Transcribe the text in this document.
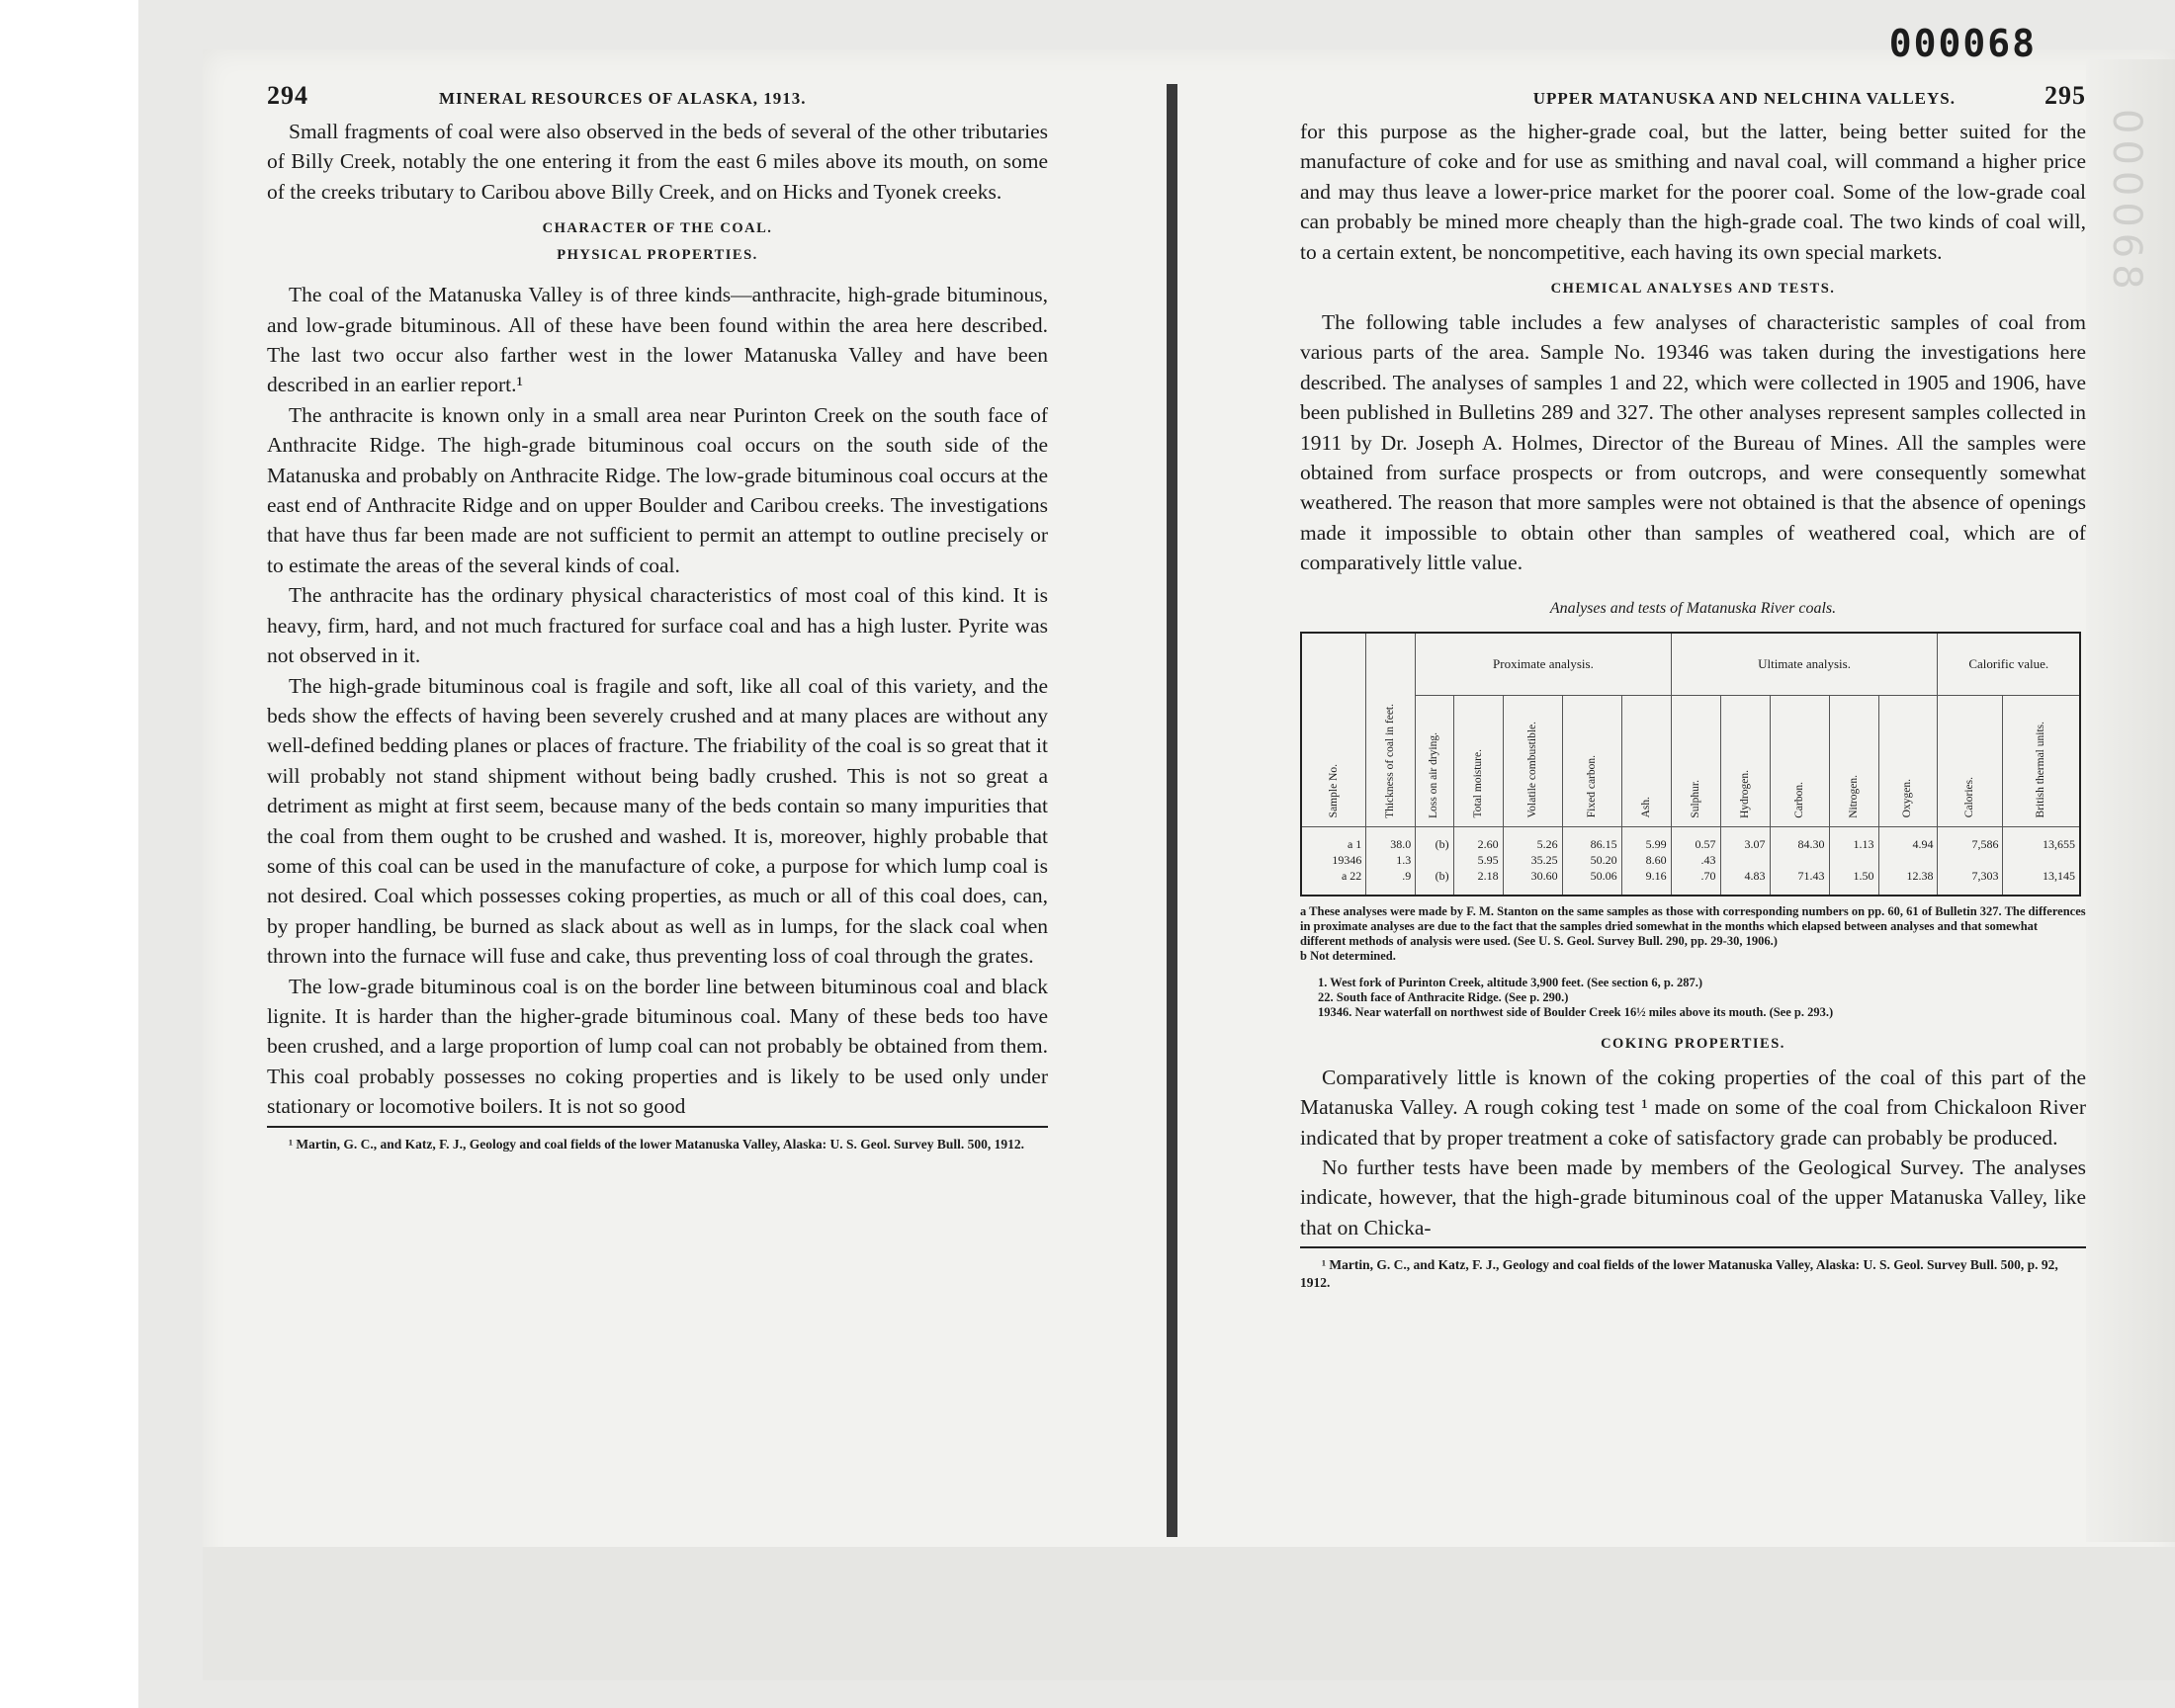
000068
294	MINERAL RESOURCES OF ALASKA, 1913.

Small fragments of coal were also observed in the beds of several of the other tributaries of Billy Creek, notably the one entering it from the east 6 miles above its mouth, on some of the creeks tributary to Caribou above Billy Creek, and on Hicks and Tyonek creeks.

CHARACTER OF THE COAL.
PHYSICAL PROPERTIES.

The coal of the Matanuska Valley is of three kinds—anthracite, high-grade bituminous, and low-grade bituminous. All of these have been found within the area here described. The last two occur also farther west in the lower Matanuska Valley and have been described in an earlier report.¹

The anthracite is known only in a small area near Purinton Creek on the south face of Anthracite Ridge. The high-grade bituminous coal occurs on the south side of the Matanuska and probably on Anthracite Ridge. The low-grade bituminous coal occurs at the east end of Anthracite Ridge and on upper Boulder and Caribou creeks. The investigations that have thus far been made are not sufficient to permit an attempt to outline precisely or to estimate the areas of the several kinds of coal.

The anthracite has the ordinary physical characteristics of most coal of this kind. It is heavy, firm, hard, and not much fractured for surface coal and has a high luster. Pyrite was not observed in it.

The high-grade bituminous coal is fragile and soft, like all coal of this variety, and the beds show the effects of having been severely crushed and at many places are without any well-defined bedding planes or places of fracture. The friability of the coal is so great that it will probably not stand shipment without being badly crushed. This is not so great a detriment as might at first seem, because many of the beds contain so many impurities that the coal from them ought to be crushed and washed. It is, moreover, highly probable that some of this coal can be used in the manufacture of coke, a purpose for which lump coal is not desired. Coal which possesses coking properties, as much or all of this coal does, can, by proper handling, be burned as slack about as well as in lumps, for the slack coal when thrown into the furnace will fuse and cake, thus preventing loss of coal through the grates.

The low-grade bituminous coal is on the border line between bituminous coal and black lignite. It is harder than the higher-grade bituminous coal. Many of these beds too have been crushed, and a large proportion of lump coal can not probably be obtained from them. This coal probably possesses no coking properties and is likely to be used only under stationary or locomotive boilers. It is not so good

¹ Martin, G. C., and Katz, F. J., Geology and coal fields of the lower Matanuska Valley, Alaska: U. S. Geol. Survey Bull. 500, 1912.

UPPER MATANUSKA AND NELCHINA VALLEYS.	295
000068

for this purpose as the higher-grade coal, but the latter, being better suited for the manufacture of coke and for use as smithing and naval coal, will command a higher price and may thus leave a lower-price market for the poorer coal. Some of the low-grade coal can probably be mined more cheaply than the high-grade coal. The two kinds of coal will, to a certain extent, be noncompetitive, each having its own special markets.

CHEMICAL ANALYSES AND TESTS.

The following table includes a few analyses of characteristic samples of coal from various parts of the area. Sample No. 19346 was taken during the investigations here described. The analyses of samples 1 and 22, which were collected in 1905 and 1906, have been published in Bulletins 289 and 327. The other analyses represent samples collected in 1911 by Dr. Joseph A. Holmes, Director of the Bureau of Mines. All the samples were obtained from surface prospects or from outcrops, and were consequently somewhat weathered. The reason that more samples were not obtained is that the absence of openings made it impossible to obtain other than samples of weathered coal, which are of comparatively little value.

Analyses and tests of Matanuska River coals.
Sample No.	Thickness of coal in feet.	Proximate analysis.					Ultimate analysis.					Calorific value.	
		Loss on air drying.	Total moisture.	Volatile combustible.	Fixed carbon.	Ash.	Sulphur.	Hydrogen.	Carbon.	Nitrogen.	Oxygen.	Calories.	British thermal units.
a 1	38.0	(b)	2.60	5.26	86.15	5.99	0.57	3.07	84.30	1.13	4.94	7,586	13,655
19346	1.3		5.95	35.25	50.20	8.60	.43						
a 22	.9	(b)	2.18	30.60	50.06	9.16	.70	4.83	71.43	1.50	12.38	7,303	13,145

a These analyses were made by F. M. Stanton on the same samples as those with corresponding numbers on pp. 60, 61 of Bulletin 327. The differences in proximate analyses are due to the fact that the samples dried somewhat in the months which elapsed between analyses and that somewhat different methods of analysis were used. (See U. S. Geol. Survey Bull. 290, pp. 29-30, 1906.)

b Not determined.

1. West fork of Purinton Creek, altitude 3,900 feet. (See section 6, p. 287.)

22. South face of Anthracite Ridge. (See p. 290.)

19346. Near waterfall on northwest side of Boulder Creek 16½ miles above its mouth. (See p. 293.)

COKING PROPERTIES.

Comparatively little is known of the coking properties of the coal of this part of the Matanuska Valley. A rough coking test ¹ made on some of the coal from Chickaloon River indicated that by proper treatment a coke of satisfactory grade can probably be produced.

No further tests have been made by members of the Geological Survey. The analyses indicate, however, that the high-grade bituminous coal of the upper Matanuska Valley, like that on Chicka-

¹ Martin, G. C., and Katz, F. J., Geology and coal fields of the lower Matanuska Valley, Alaska: U. S. Geol. Survey Bull. 500, p. 92, 1912.
